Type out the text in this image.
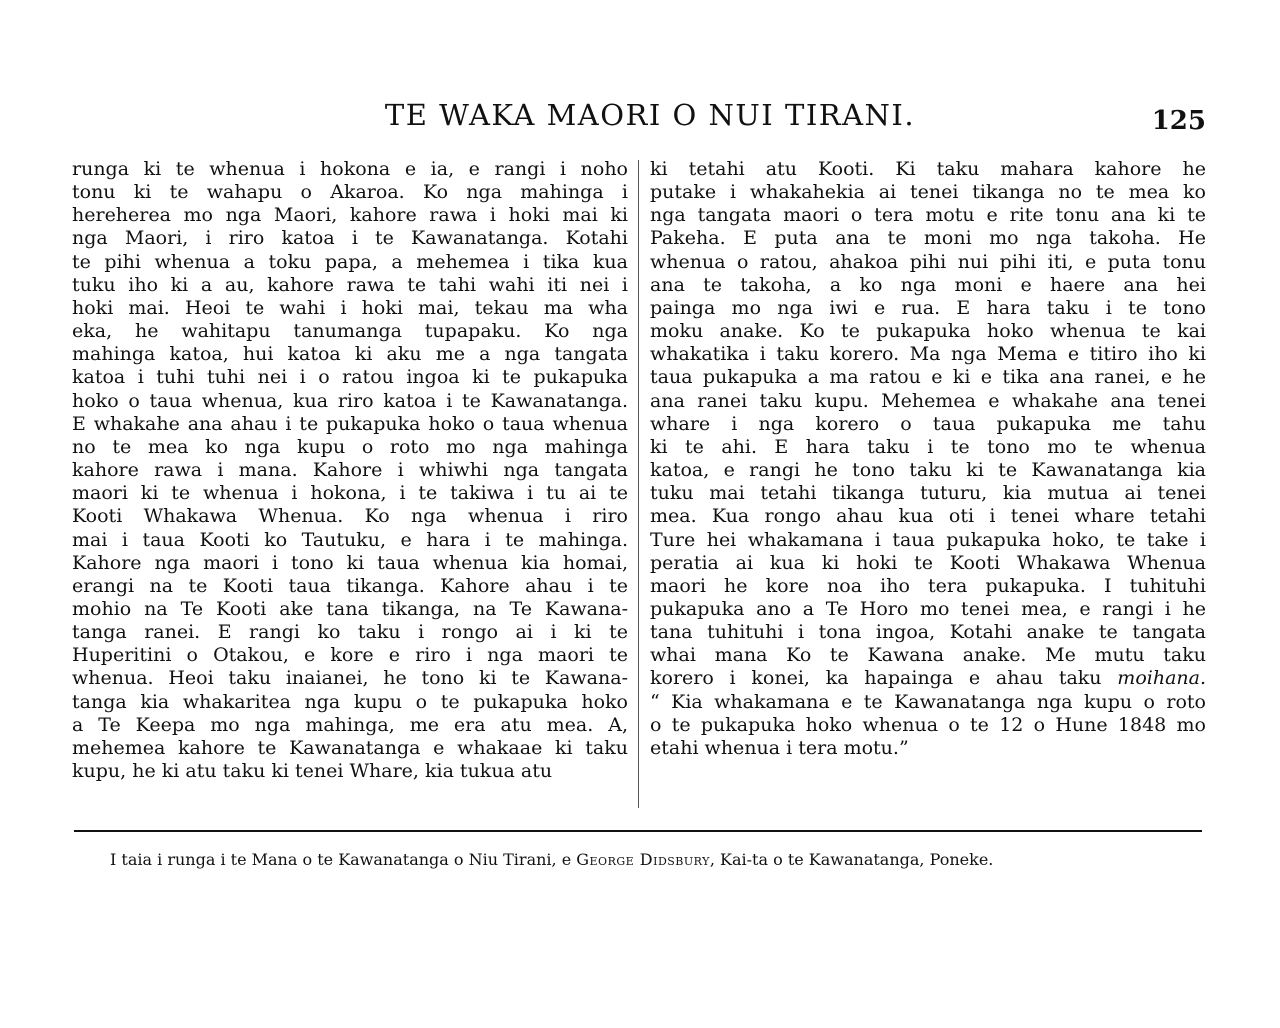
TE WAKA MAORI O NUI TIRANI.	125
runga ki te whenua i hokona e ia, e rangi i noho
tonu ki te wahapu o Akaroa. Ko nga mahinga i
hereherea mo nga Maori, kahore rawa i hoki mai ki
nga Maori, i riro katoa i te Kawanatanga. Kotahi
te pihi whenua a toku papa, a mehemea i tika kua
tuku iho ki a au, kahore rawa te tahi wahi iti nei i
hoki mai. Heoi te wahi i hoki mai, tekau ma wha
eka, he wahitapu tanumanga tupapaku. Ko nga
mahinga katoa, hui katoa ki aku me a nga tangata
katoa i tuhi tuhi nei i o ratou ingoa ki te pukapuka
hoko o taua whenua, kua riro katoa i te Kawanatanga.
E whakahe ana ahau i te pukapuka hoko o taua whenua
no te mea ko nga kupu o roto mo nga mahinga
kahore rawa i mana. Kahore i whiwhi nga tangata
maori ki te whenua i hokona, i te takiwa i tu ai te
Kooti Whakawa Whenua. Ko nga whenua i riro
mai i taua Kooti ko Tautuku, e hara i te mahinga.
Kahore nga maori i tono ki taua whenua kia homai,
erangi na te Kooti taua tikanga. Kahore ahau i te
mohio na Te Kooti ake tana tikanga, na Te Kawana-
tanga ranei. E rangi ko taku i rongo ai i ki te
Huperitini o Otakou, e kore e riro i nga maori te
whenua. Heoi taku inaianei, he tono ki te Kawana-
tanga kia whakaritea nga kupu o te pukapuka hoko
a Te Keepa mo nga mahinga, me era atu mea. A,
mehemea kahore te Kawanatanga e whakaae ki taku
kupu, he ki atu taku ki tenei Whare, kia tukua atu
ki tetahi atu Kooti. Ki taku mahara kahore he
putake i whakahekia ai tenei tikanga no te mea ko
nga tangata maori o tera motu e rite tonu ana ki te
Pakeha. E puta ana te moni mo nga takoha. He
whenua o ratou, ahakoa pihi nui pihi iti, e puta tonu
ana te takoha, a ko nga moni e haere ana hei
painga mo nga iwi e rua. E hara taku i te tono
moku anake. Ko te pukapuka hoko whenua te kai
whakatika i taku korero. Ma nga Mema e titiro iho ki
taua pukapuka a ma ratou e ki e tika ana ranei, e he
ana ranei taku kupu. Mehemea e whakahe ana tenei
whare i nga korero o taua pukapuka me tahu
ki te ahi. E hara taku i te tono mo te whenua
katoa, e rangi he tono taku ki te Kawanatanga kia
tuku mai tetahi tikanga tuturu, kia mutua ai tenei
mea. Kua rongo ahau kua oti i tenei whare tetahi
Ture hei whakamana i taua pukapuka hoko, te take i
peratia ai kua ki hoki te Kooti Whakawa Whenua
maori he kore noa iho tera pukapuka. I tuhituhi
pukapuka ano a Te Horo mo tenei mea, e rangi i he
tana tuhituhi i tona ingoa, Kotahi anake te tangata
whai mana Ko te Kawana anake. Me mutu taku
korero i konei, ka hapainga e ahau taku moihana.
“ Kia whakamana e te Kawanatanga nga kupu o roto
o te pukapuka hoko whenua o te 12 o Hune 1848 mo
etahi whenua i tera motu.”
I taia i runga i te Mana o te Kawanatanga o Niu Tirani, e George Didsbury, Kai-ta o te Kawanatanga, Poneke.
